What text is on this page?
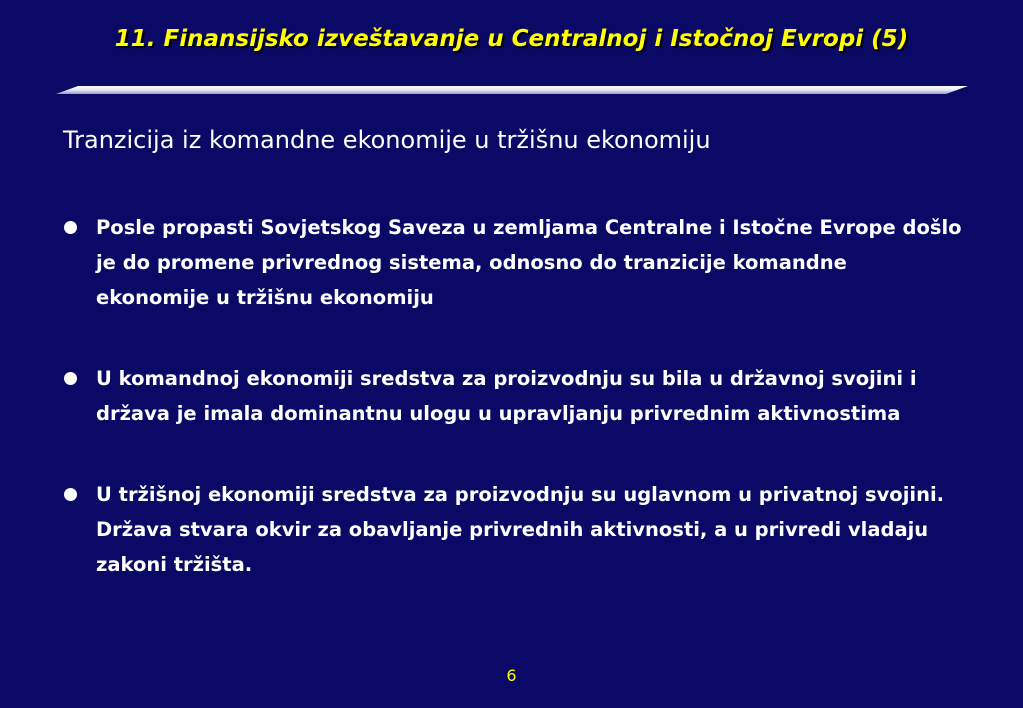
11. Finansijsko izveštavanje u Centralnoj i Istočnoj Evropi (5)
Tranzicija iz komandne ekonomije u tržišnu ekonomiju
Posle propasti Sovjetskog Saveza u zemljama Centralne i Istočne Evrope došlo je do promene privrednog sistema, odnosno do tranzicije komandne ekonomije u tržišnu ekonomiju
U komandnoj ekonomiji sredstva za proizvodnju su bila u državnoj svojini i država je imala dominantnu ulogu u upravljanju privrednim aktivnostima
U tržišnoj ekonomiji sredstva za proizvodnju su uglavnom u privatnoj svojini. Država stvara okvir za obavljanje privrednih aktivnosti, a u privredi vladaju zakoni tržišta.
6
